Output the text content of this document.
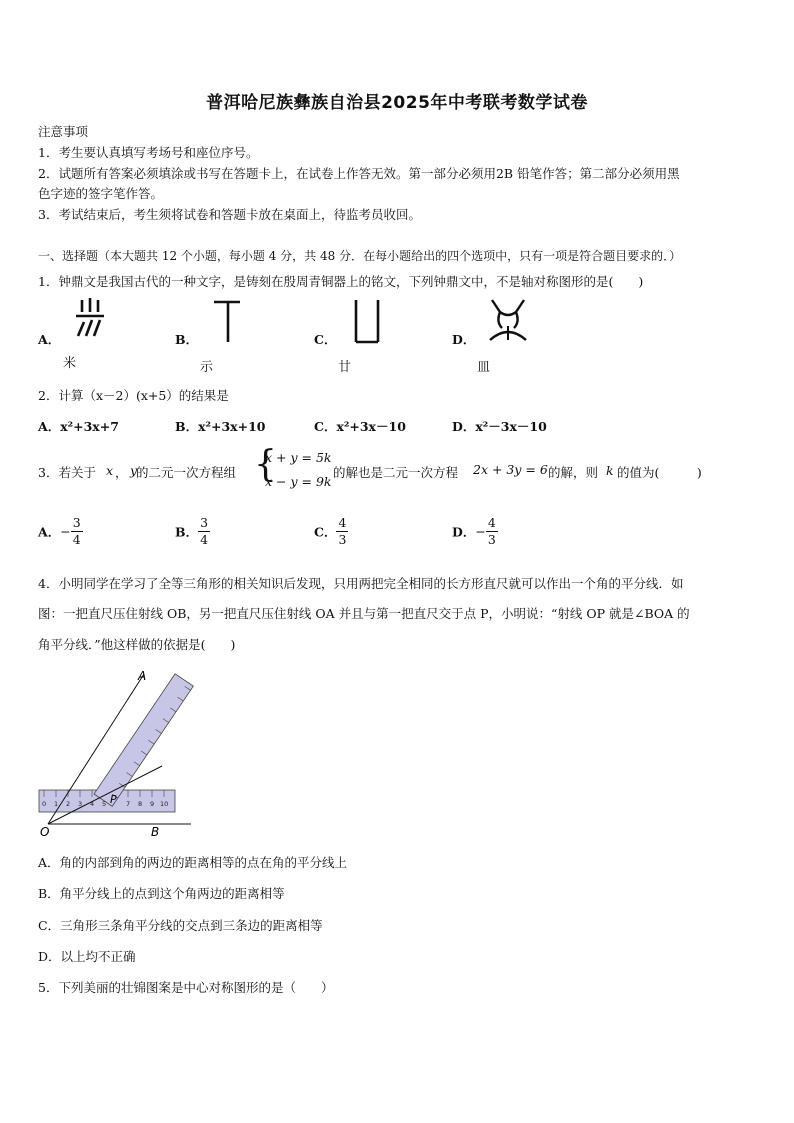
普洱哈尼族彝族自治县2025年中考联考数学试卷
注意事项
1．考生要认真填写考场号和座位序号。
2．试题所有答案必须填涂或书写在答题卡上，在试卷上作答无效。第一部分必须用2B 铅笔作答；第二部分必须用黑
色字迹的签字笔作答。
3．考试结束后，考生须将试卷和答题卡放在桌面上，待监考员收回。
一、选择题（本大题共 12 个小题，每小题 4 分，共 48 分．在每小题给出的四个选项中，只有一项是符合题目要求的．）
1．钟鼎文是我国古代的一种文字，是铸刻在殷周青铜器上的铭文，下列钟鼎文中，不是轴对称图形的是(　　)
A．
米
B．
示
C．
廿
D．
皿
2．计算（x－2）(x+5）的结果是
A．x²+3x+7	B．x²+3x+10	C．x²+3x－10	D．x²－3x－10
3．若关于 x ， y
的二元一次方程组 {
x + y = 5k
x − y = 9k
的解也是二元一次方程 2x + 3y = 6 的解，则 k 的值为(　　　)
A．− $\frac{3}{4}$	B． $\frac{3}{4}$	C． $\frac{4}{3}$	D．− $\frac{4}{3}$
4．小明同学在学习了全等三角形的相关知识后发现，只用两把完全相同的长方形直尺就可以作出一个角的平分线．如
图：一把直尺压住射线 OB，另一把直尺压住射线 OA 并且与第一把直尺交于点 P，小明说：“射线 OP 就是∠BOA 的
角平分线．”他这样做的依据是(　　)
O	B
A
P
0 1 2 3 4 5	7 8 9 10
A．角的内部到角的两边的距离相等的点在角的平分线上
B．角平分线上的点到这个角两边的距离相等
C．三角形三条角平分线的交点到三条边的距离相等
D．以上均不正确
5．下列美丽的壮锦图案是中心对称图形的是（　　）
